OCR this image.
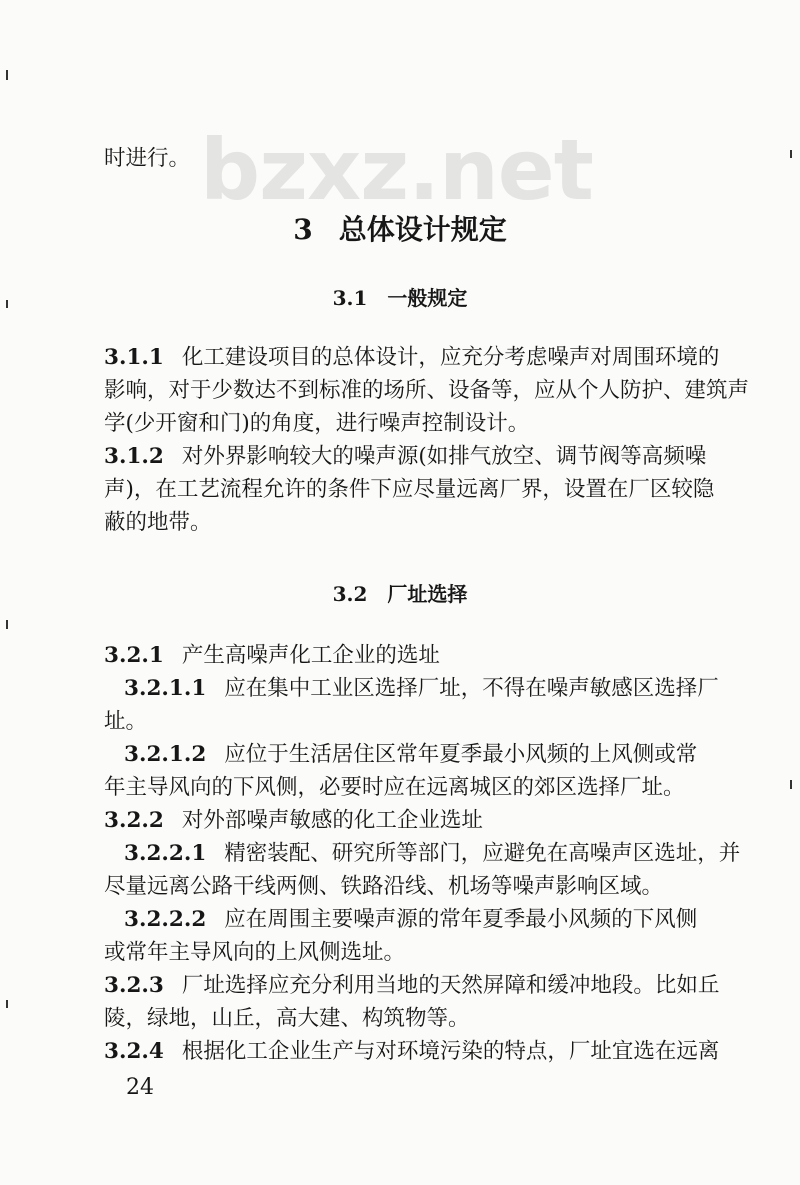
bzxz.net
时进行。
3 总体设计规定
3.1 一般规定
3.1.1 化工建设项目的总体设计，应充分考虑噪声对周围环境的
影响，对于少数达不到标准的场所、设备等，应从个人防护、建筑声
学(少开窗和门)的角度，进行噪声控制设计。
3.1.2 对外界影响较大的噪声源(如排气放空、调节阀等高频噪
声)，在工艺流程允许的条件下应尽量远离厂界，设置在厂区较隐
蔽的地带。
3.2 厂址选择
3.2.1 产生高噪声化工企业的选址
3.2.1.1 应在集中工业区选择厂址，不得在噪声敏感区选择厂
址。
3.2.1.2 应位于生活居住区常年夏季最小风频的上风侧或常
年主导风向的下风侧，必要时应在远离城区的郊区选择厂址。
3.2.2 对外部噪声敏感的化工企业选址
3.2.2.1 精密装配、研究所等部门，应避免在高噪声区选址，并
尽量远离公路干线两侧、铁路沿线、机场等噪声影响区域。
3.2.2.2 应在周围主要噪声源的常年夏季最小风频的下风侧
或常年主导风向的上风侧选址。
3.2.3 厂址选择应充分利用当地的天然屏障和缓冲地段。比如丘
陵，绿地，山丘，高大建、构筑物等。
3.2.4 根据化工企业生产与对环境污染的特点，厂址宜选在远离
24
